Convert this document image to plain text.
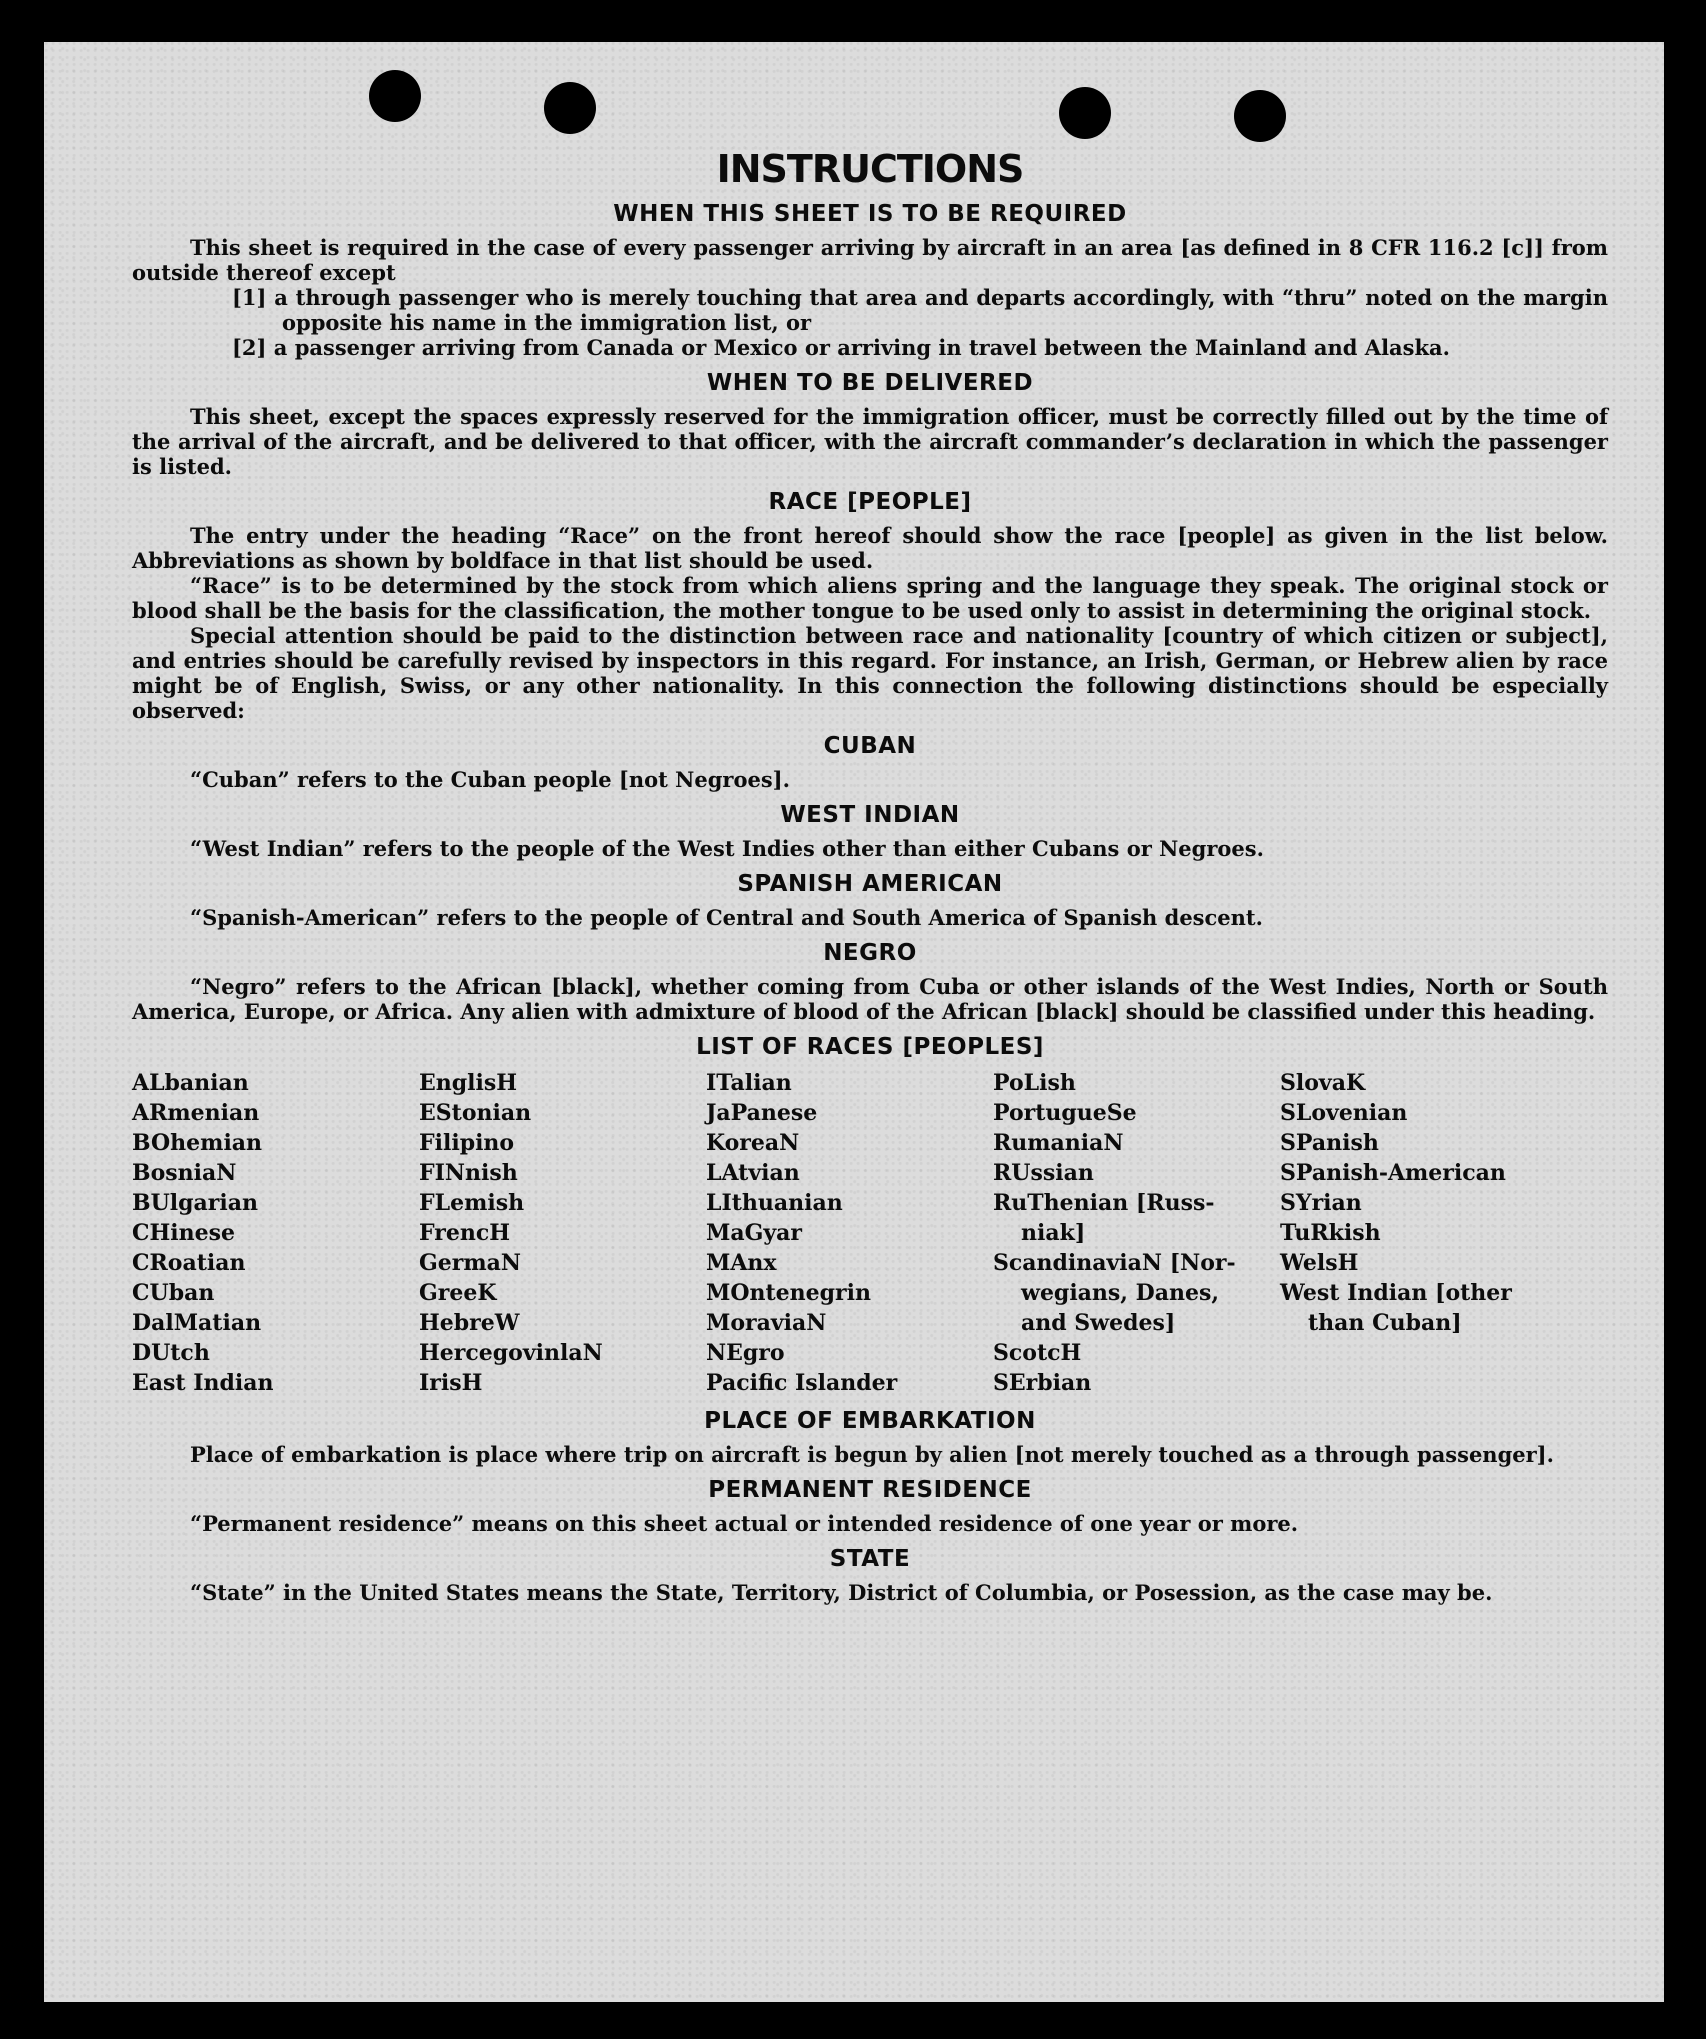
INSTRUCTIONS
WHEN THIS SHEET IS TO BE REQUIRED

This sheet is required in the case of every passenger arriving by aircraft in an area [as defined in 8 CFR 116.2 [c]] from outside thereof except

[1] a through passenger who is merely touching that area and departs accordingly, with “thru” noted on the margin opposite his name in the immigration list, or

[2] a passenger arriving from Canada or Mexico or arriving in travel between the Mainland and Alaska.

WHEN TO BE DELIVERED

This sheet, except the spaces expressly reserved for the immigration officer, must be correctly filled out by the time of the arrival of the aircraft, and be delivered to that officer, with the aircraft commander’s declaration in which the passenger is listed.

RACE [PEOPLE]

The entry under the heading “Race” on the front hereof should show the race [people] as given in the list below. Abbreviations as shown by boldface in that list should be used.

“Race” is to be determined by the stock from which aliens spring and the language they speak. The original stock or blood shall be the basis for the classification, the mother tongue to be used only to assist in determining the original stock.

Special attention should be paid to the distinction between race and nationality [country of which citizen or subject], and entries should be carefully revised by inspectors in this regard. For instance, an Irish, German, or Hebrew alien by race might be of English, Swiss, or any other nationality. In this connection the following distinctions should be especially observed:

CUBAN

“Cuban” refers to the Cuban people [not Negroes].

WEST INDIAN

“West Indian” refers to the people of the West Indies other than either Cubans or Negroes.

SPANISH AMERICAN

“Spanish-American” refers to the people of Central and South America of Spanish descent.

NEGRO

“Negro” refers to the African [black], whether coming from Cuba or other islands of the West Indies, North or South America, Europe, or Africa. Any alien with admixture of blood of the African [black] should be classified under this heading.

LIST OF RACES [PEOPLES]
ALbanian
ARmenian
BOhemian
BosniaN
BUlgarian
CHinese
CRoatian
CUban
DalMatian
DUtch
East Indian
EnglisH
EStonian
Filipino
FINnish
FLemish
FrencH
GermaN
GreeK
HebreW
HercegovinlaN
IrisH
ITalian
JaPanese
KoreaN
LAtvian
LIthuanian
MaGyar
MAnx
MOntenegrin
MoraviaN
NEgro
Pacific Islander
PoLish
PortugueSe
RumaniaN
RUssian
RuThenian [Russ-
niak]
ScandinaviaN [Nor-
wegians, Danes,
and Swedes]
ScotcH
SErbian
SlovaK
SLovenian
SPanish
SPanish-American
SYrian
TuRkish
WelsH
West Indian [other
than Cuban]
PLACE OF EMBARKATION

Place of embarkation is place where trip on aircraft is begun by alien [not merely touched as a through passenger].

PERMANENT RESIDENCE

“Permanent residence” means on this sheet actual or intended residence of one year or more.

STATE

“State” in the United States means the State, Territory, District of Columbia, or Posession, as the case may be.
